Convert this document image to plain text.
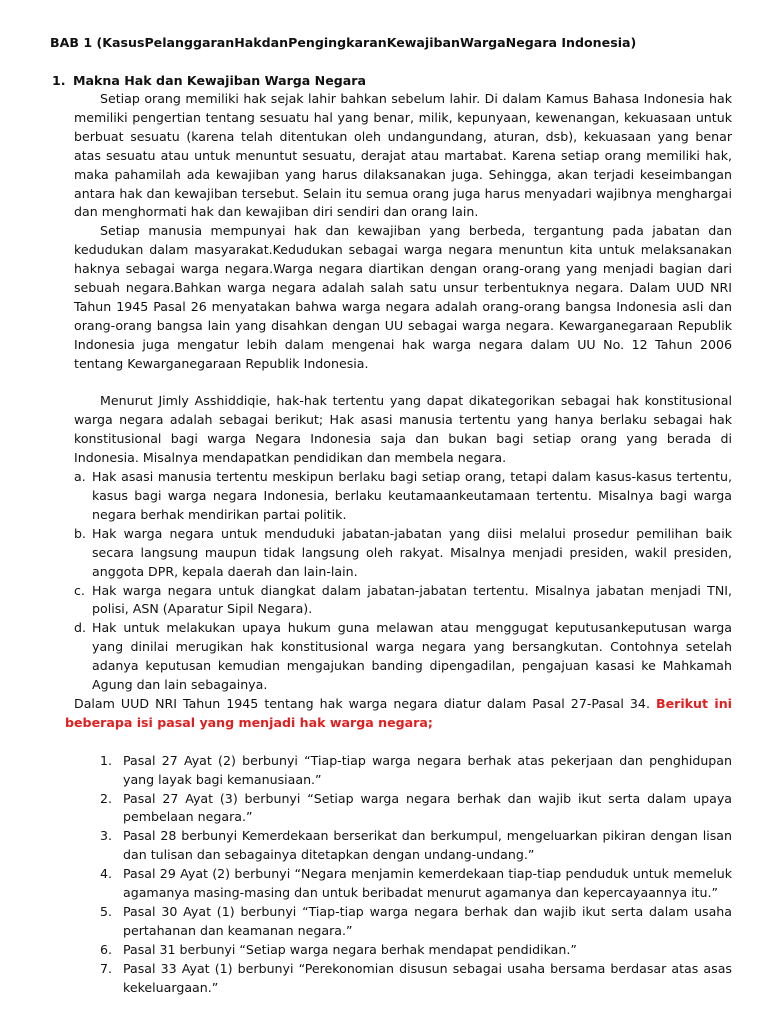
BAB 1 (KasusPelanggaranHakdanPengingkaranKewajibanWargaNegara Indonesia)
1. Makna Hak dan Kewajiban Warga Negara

Setiap orang memiliki hak sejak lahir bahkan sebelum lahir. Di dalam Kamus Bahasa Indonesia hak memiliki pengertian tentang sesuatu hal yang benar, milik, kepunyaan, kewenangan, kekuasaan untuk berbuat sesuatu (karena telah ditentukan oleh undangundang, aturan, dsb), kekuasaan yang benar atas sesuatu atau untuk menuntut sesuatu, derajat atau martabat. Karena setiap orang memiliki hak, maka pahamilah ada kewajiban yang harus dilaksanakan juga. Sehingga, akan terjadi keseimbangan antara hak dan kewajiban tersebut. Selain itu semua orang juga harus menyadari wajibnya menghargai dan menghormati hak dan kewajiban diri sendiri dan orang lain.

Setiap manusia mempunyai hak dan kewajiban yang berbeda, tergantung pada jabatan dan kedudukan dalam masyarakat.Kedudukan sebagai warga negara menuntun kita untuk melaksanakan haknya sebagai warga negara.Warga negara diartikan dengan orang-orang yang menjadi bagian dari sebuah negara.Bahkan warga negara adalah salah satu unsur terbentuknya negara. Dalam UUD NRI Tahun 1945 Pasal 26 menyatakan bahwa warga negara adalah orang-orang bangsa Indonesia asli dan orang-orang bangsa lain yang disahkan dengan UU sebagai warga negara. Kewarganegaraan Republik Indonesia juga mengatur lebih dalam mengenai hak warga negara dalam UU No. 12 Tahun 2006 tentang Kewarganegaraan Republik Indonesia.

Menurut Jimly Asshiddiqie, hak-hak tertentu yang dapat dikategorikan sebagai hak konstitusional warga negara adalah sebagai berikut; Hak asasi manusia tertentu yang hanya berlaku sebagai hak konstitusional bagi warga Negara Indonesia saja dan bukan bagi setiap orang yang berada di Indonesia. Misalnya mendapatkan pendidikan dan membela negara.

a. Hak asasi manusia tertentu meskipun berlaku bagi setiap orang, tetapi dalam kasus-kasus tertentu, kasus bagi warga negara Indonesia, berlaku keutamaankeutamaan tertentu. Misalnya bagi warga negara berhak mendirikan partai politik.
b. Hak warga negara untuk menduduki jabatan-jabatan yang diisi melalui prosedur pemilihan baik secara langsung maupun tidak langsung oleh rakyat. Misalnya menjadi presiden, wakil presiden, anggota DPR, kepala daerah dan lain-lain.
c. Hak warga negara untuk diangkat dalam jabatan-jabatan tertentu. Misalnya jabatan menjadi TNI, polisi, ASN (Aparatur Sipil Negara).
d. Hak untuk melakukan upaya hukum guna melawan atau menggugat keputusankeputusan warga yang dinilai merugikan hak konstitusional warga negara yang bersangkutan. Contohnya setelah adanya keputusan kemudian mengajukan banding dipengadilan, pengajuan kasasi ke Mahkamah Agung dan lain sebagainya.

Dalam UUD NRI Tahun 1945 tentang hak warga negara diatur dalam Pasal 27-Pasal 34. Berikut ini beberapa isi pasal yang menjadi hak warga negara;

1. Pasal 27 Ayat (2) berbunyi “Tiap-tiap warga negara berhak atas pekerjaan dan penghidupan yang layak bagi kemanusiaan.”
2. Pasal 27 Ayat (3) berbunyi “Setiap warga negara berhak dan wajib ikut serta dalam upaya pembelaan negara.”
3. Pasal 28 berbunyi Kemerdekaan berserikat dan berkumpul, mengeluarkan pikiran dengan lisan dan tulisan dan sebagainya ditetapkan dengan undang-undang.”
4. Pasal 29 Ayat (2) berbunyi “Negara menjamin kemerdekaan tiap-tiap penduduk untuk memeluk agamanya masing-masing dan untuk beribadat menurut agamanya dan kepercayaannya itu.”
5. Pasal 30 Ayat (1) berbunyi “Tiap-tiap warga negara berhak dan wajib ikut serta dalam usaha pertahanan dan keamanan negara.”
6. Pasal 31 berbunyi “Setiap warga negara berhak mendapat pendidikan.”
7. Pasal 33 Ayat (1) berbunyi “Perekonomian disusun sebagai usaha bersama berdasar atas asas kekeluargaan.”
